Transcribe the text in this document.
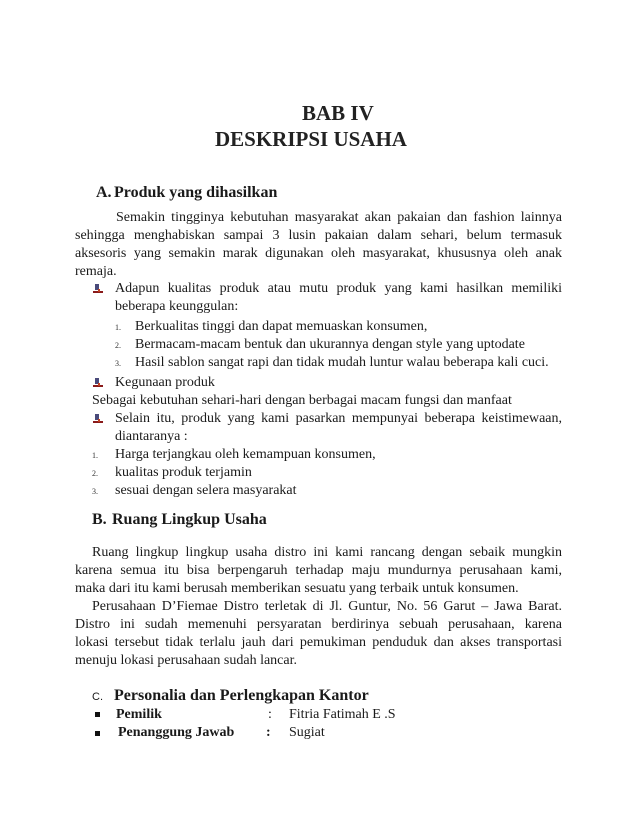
BAB IV
DESKRIPSI USAHA
A. Produk yang dihasilkan
Semakin tingginya kebutuhan masyarakat akan pakaian dan fashion lainnya
sehingga menghabiskan sampai 3 lusin pakaian dalam sehari, belum termasuk
aksesoris yang semakin marak digunakan oleh masyarakat, khususnya oleh anak
remaja.
Adapun kualitas produk atau mutu produk yang kami hasilkan memiliki
beberapa keunggulan:
1. Berkualitas tinggi dan dapat memuaskan konsumen,
2. Bermacam-macam bentuk dan ukurannya dengan style yang uptodate
3. Hasil sablon sangat rapi dan tidak mudah luntur walau beberapa kali cuci.
Kegunaan produk
Sebagai kebutuhan sehari-hari dengan berbagai macam fungsi dan manfaat
Selain itu, produk yang kami pasarkan mempunyai beberapa keistimewaan,
diantaranya :
1. Harga terjangkau oleh kemampuan konsumen,
2. kualitas produk terjamin
3. sesuai dengan selera masyarakat
B. Ruang Lingkup Usaha
Ruang lingkup lingkup usaha distro ini kami rancang dengan sebaik mungkin
karena semua itu bisa berpengaruh terhadap maju mundurnya perusahaan kami,
maka dari itu kami berusah memberikan sesuatu yang terbaik untuk konsumen.
Perusahaan D’Fiemae Distro terletak di Jl. Guntur, No. 56 Garut – Jawa Barat.
Distro ini sudah memenuhi persyaratan berdirinya sebuah perusahaan, karena
lokasi tersebut tidak terlalu jauh dari pemukiman penduduk dan akses transportasi
menuju lokasi perusahaan sudah lancar.
C. Personalia dan Perlengkapan Kantor
Pemilik	: Fitria Fatimah E .S
Penanggung Jawab : Sugiat
